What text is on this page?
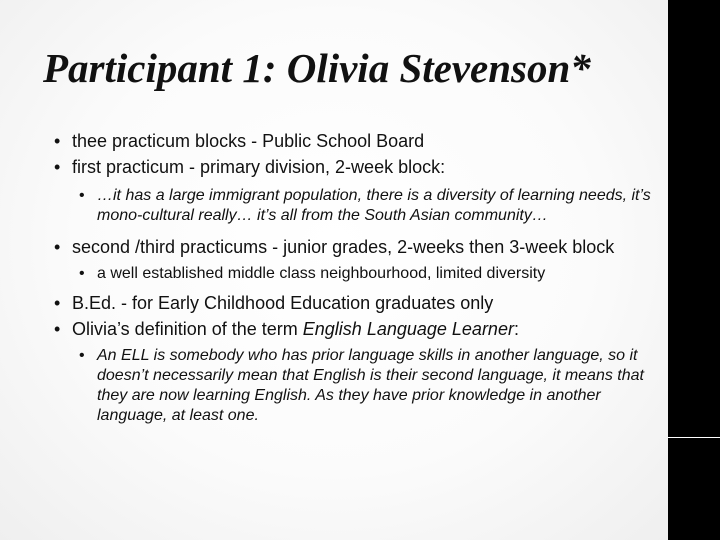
Participant 1: Olivia Stevenson*
• thee practicum blocks - Public School Board
• first practicum - primary division, 2-week block:
• …it has a large immigrant population, there is a diversity of learning needs, it’s mono-cultural really… it’s all from the South Asian community…
• second /third practicums - junior grades, 2-weeks then 3-week block
• a well established middle class neighbourhood, limited diversity
• B.Ed. - for Early Childhood Education graduates only
• Olivia’s definition of the term English Language Learner:
• An ELL is somebody who has prior language skills in another language, so it doesn’t necessarily mean that English is their second language, it means that they are now learning English. As they have prior knowledge in another language, at least one.
